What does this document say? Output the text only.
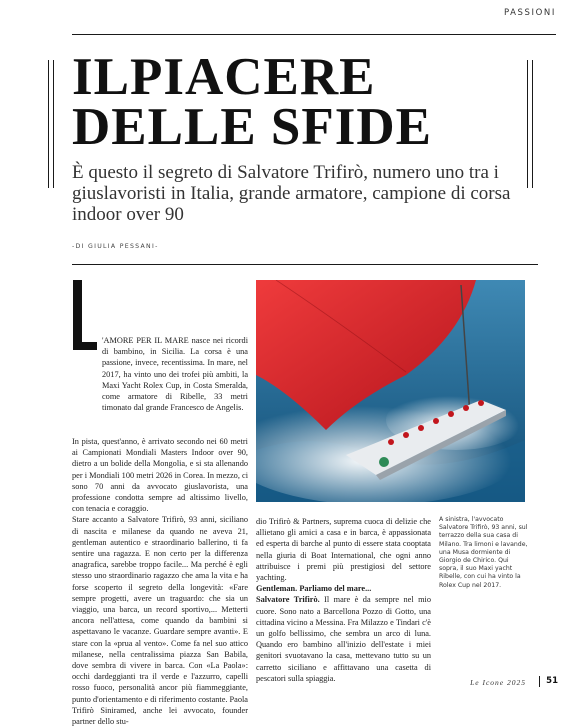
PASSIONI
ILPIACERE
DELLE SFIDE

È questo il segreto di Salvatore Trifirò, numero uno tra i giuslavoristi in Italia, grande armatore, campione di corsa indoor over 90

-DI GIULIA PESSANI-
L

'AMORE PER IL MARE nasce nei ricordi di bambino, in Sicilia. La corsa è una passione, invece, recentissima. In mare, nel 2017, ha vinto uno dei trofei più ambiti, la Maxi Yacht Rolex Cup, in Costa Smeralda, come armatore di Ribelle, 33 metri timonato dal grande Francesco de Angelis.

In pista, quest'anno, è arrivato secondo nei 60 metri ai Campionati Mondiali Masters Indoor over 90, dietro a un bolide della Mongolia, e si sta allenando per i Mondiali 100 metri 2026 in Corea. In mezzo, ci sono 70 anni da avvocato giuslavorista, una professione condotta sempre ad altissimo livello, con tenacia e coraggio.

Stare accanto a Salvatore Trifirò, 93 anni, siciliano di nascita e milanese da quando ne aveva 21, gentleman autentico e straordinario ballerino, ti fa sentire una ragazza. E non certo per la differenza anagrafica, sarebbe troppo facile... Ma perché è egli stesso uno straordinario ragazzo che ama la vita e ha forse scoperto il segreto della longevità: «Fare sempre progetti, avere un traguardo: che sia un viaggio, una barca, un record sportivo,... Metterti ancora nell'attesa, come quando da bambini si aspettavano le vacanze. Guardare sempre avanti». E stare con la «prua al vento». Come fa nel suo attico milanese, nella centralissima piazza San Babila, dove sembra di vivere in barca. Con «La Paola»: occhi dardeggianti tra il verde e l'azzurro, capelli rosso fuoco, personalità ancor più fiammeggiante, punto d'orientamento e di riferimento costante. Paola Trifirò Siniramed, anche lei avvocato, founder partner dello stu-

dio Trifirò & Partners, suprema cuoca di delizie che allietano gli amici a casa e in barca, è appassionata ed esperta di barche al punto di essere stata cooptata nella giuria di Boat International, che ogni anno attribuisce i premi più prestigiosi del settore yachting.

Gentleman. Parliamo del mare...

Salvatore Trifirò. Il mare è da sempre nel mio cuore. Sono nato a Barcellona Pozzo di Gotto, una cittadina vicino a Messina. Fra Milazzo e Tindari c'è un golfo bellissimo, che sembra un arco di luna. Quando ero bambino all'inizio dell'estate i miei genitori svuotavano la casa, mettevano tutto su un carretto siciliano e affittavano una casetta di pescatori sulla spiaggia.

A sinistra, l'avvocato Salvatore Trifirò, 93 anni, sul terrazzo della sua casa di Milano. Tra limoni e lavande, una Musa dormiente di Giorgio de Chirico. Qui sopra, il suo Maxi yacht Ribelle, con cui ha vinto la Rolex Cup nel 2017.
Le Icone 2025 51
